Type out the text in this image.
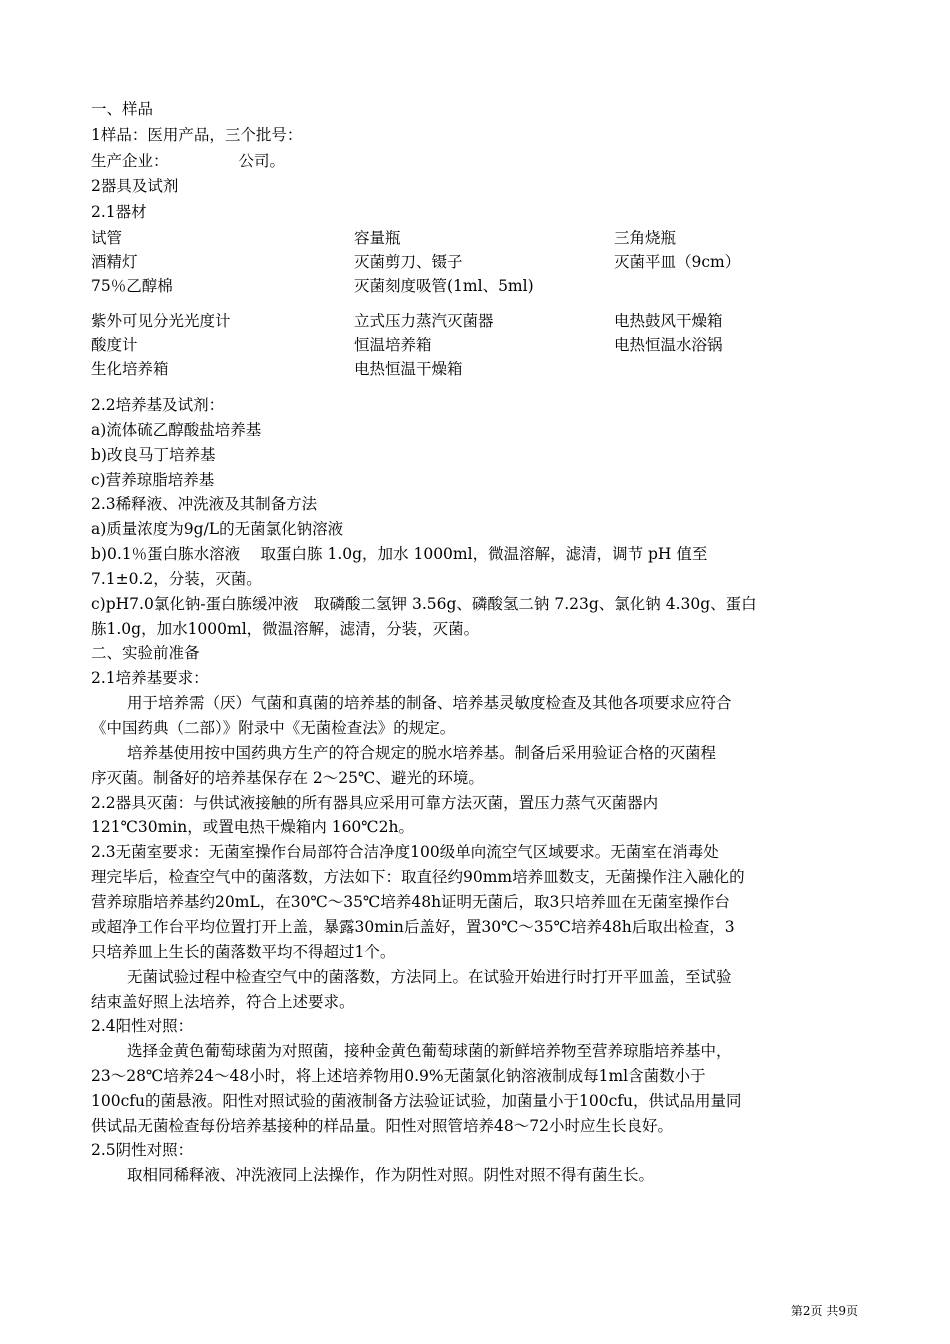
一、样品
1样品：医用产品，三个批号：
生产企业：	公司。
2器具及试剂
2.1器材
试管	容量瓶	三角烧瓶
酒精灯	灭菌剪刀、镊子	灭菌平皿（9cm）
75％乙醇棉	灭菌刻度吸管(1ml、5ml)
紫外可见分光光度计	立式压力蒸汽灭菌器	电热鼓风干燥箱
酸度计	恒温培养箱	电热恒温水浴锅
生化培养箱	电热恒温干燥箱
2.2培养基及试剂：
a)流体硫乙醇酸盐培养基
b)改良马丁培养基
c)营养琼脂培养基
2.3稀释液、冲洗液及其制备方法
a)质量浓度为9g/L的无菌氯化钠溶液
b)0.1％蛋白胨水溶液　 取蛋白胨 1.0g，加水 1000ml，微温溶解，滤清，调节 pH 值至
7.1±0.2，分装，灭菌。
c)pH7.0氯化钠-蛋白胨缓冲液　取磷酸二氢钾 3.56g、磷酸氢二钠 7.23g、氯化钠 4.30g、蛋白
胨1.0g，加水1000ml，微温溶解，滤清，分装，灭菌。
二、实验前准备
2.1培养基要求：
用于培养需（厌）气菌和真菌的培养基的制备、培养基灵敏度检查及其他各项要求应符合
《中国药典（二部）》附录中《无菌检查法》的规定。
培养基使用按中国药典方生产的符合规定的脱水培养基。制备后采用验证合格的灭菌程
序灭菌。制备好的培养基保存在 2～25℃、避光的环境。
2.2器具灭菌：与供试液接触的所有器具应采用可靠方法灭菌，置压力蒸气灭菌器内
121℃30min，或置电热干燥箱内 160℃2h。
2.3无菌室要求：无菌室操作台局部符合洁净度100级单向流空气区域要求。无菌室在消毒处
理完毕后，检查空气中的菌落数，方法如下：取直径约90mm培养皿数支，无菌操作注入融化的
营养琼脂培养基约20mL，在30℃～35℃培养48h证明无菌后，取3只培养皿在无菌室操作台
或超净工作台平均位置打开上盖，暴露30min后盖好，置30℃～35℃培养48h后取出检查，3
只培养皿上生长的菌落数平均不得超过1个。
无菌试验过程中检查空气中的菌落数，方法同上。在试验开始进行时打开平皿盖，至试验
结束盖好照上法培养，符合上述要求。
2.4阳性对照：
选择金黄色葡萄球菌为对照菌，接种金黄色葡萄球菌的新鲜培养物至营养琼脂培养基中，
23～28℃培养24～48小时，将上述培养物用0.9%无菌氯化钠溶液制成每1ml含菌数小于
100cfu的菌悬液。阳性对照试验的菌液制备方法验证试验，加菌量小于100cfu，供试品用量同
供试品无菌检查每份培养基接种的样品量。阳性对照管培养48～72小时应生长良好。
2.5阴性对照：
取相同稀释液、冲洗液同上法操作，作为阴性对照。阴性对照不得有菌生长。
第2页 共9页
